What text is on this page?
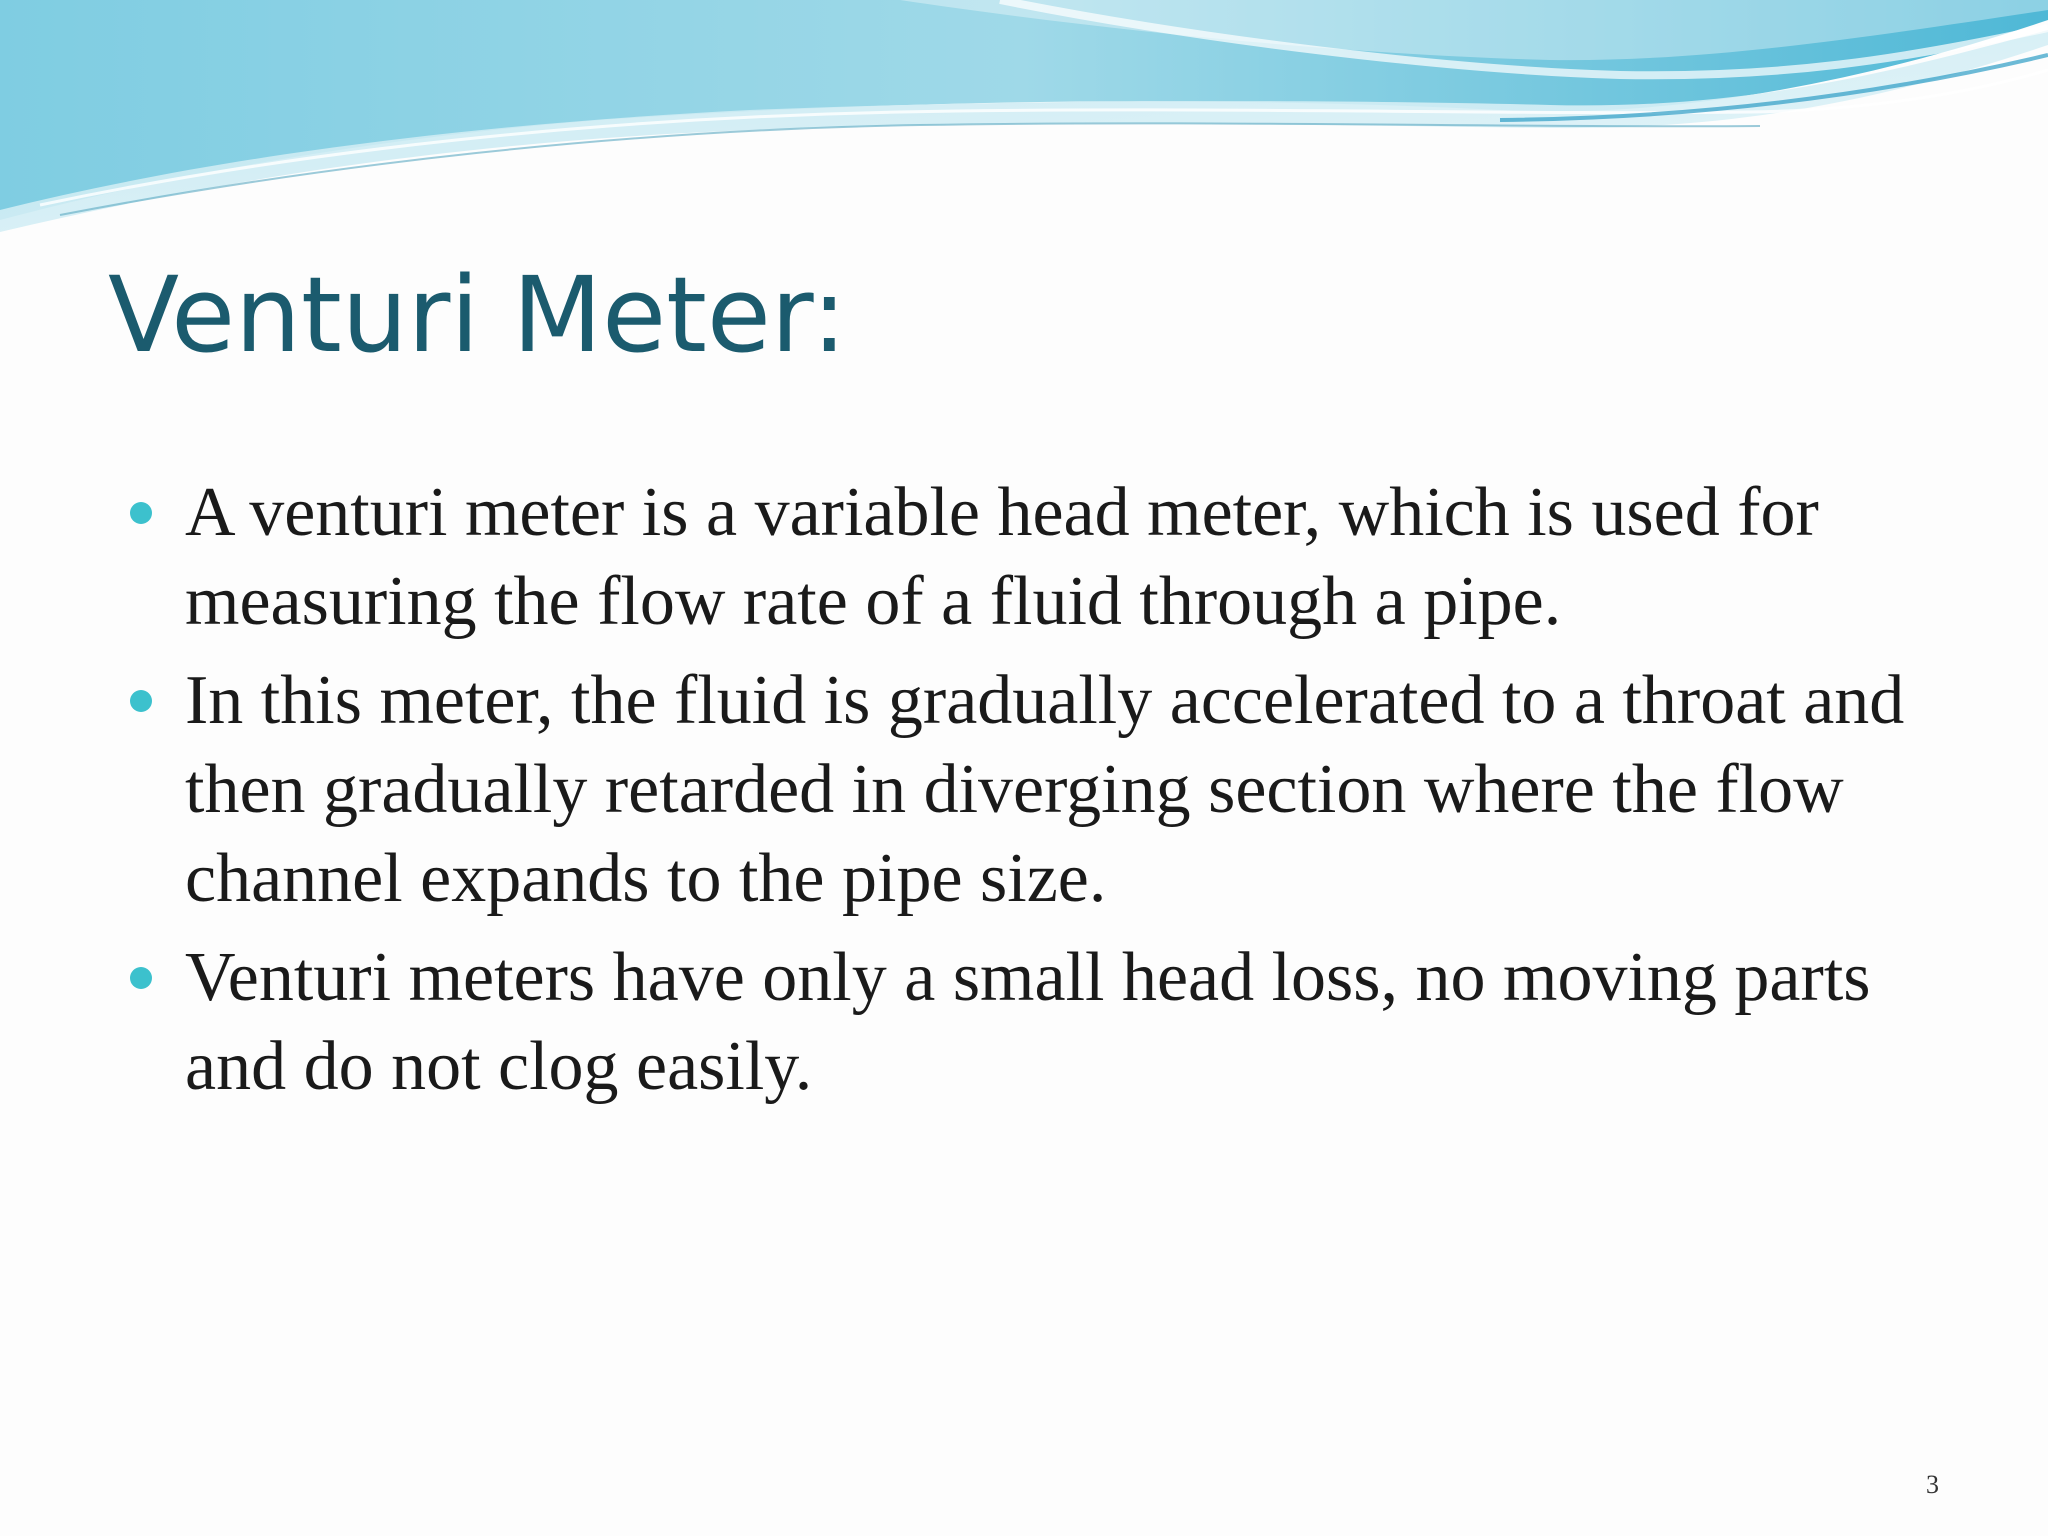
Venturi Meter:
A venturi meter is a variable head meter, which is used for measuring the flow rate of a fluid through a pipe.
In this meter, the fluid is gradually accelerated to a throat and then gradually retarded in diverging section where the flow channel expands to the pipe size.
Venturi meters have only a small head loss, no moving parts and do not clog easily.
3
